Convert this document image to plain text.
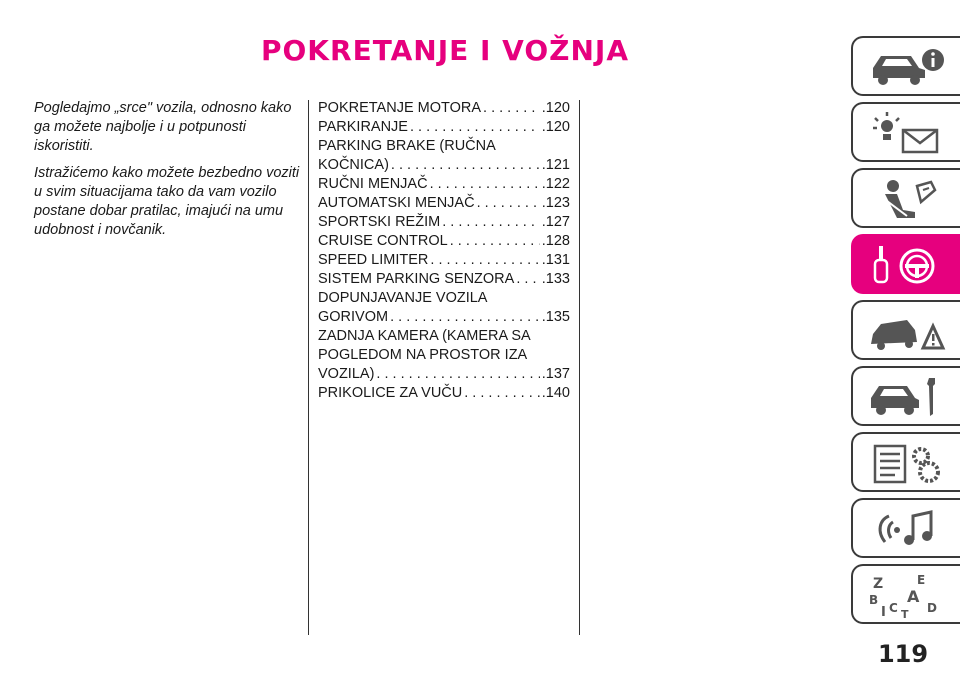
POKRETANJE I VOŽNJA

Pogledajmo „srce" vozila, odnosno kako ga možete najbolje i u potpunosti iskoristiti.

Istražićemo kako možete bezbedno voziti u svim situacijama tako da vam vozilo postane dobar pratilac, imajući na umu udobnost i novčanik.

POKRETANJE MOTORA . . .	.120
PARKIRANJE . . .	.120
PARKING BRAKE (RUČNA
KOČNICA) . . .	.121
RUČNI MENJAČ . . .	.122
AUTOMATSKI MENJAČ . . .	.123
SPORTSKI REŽIM . . .	.127
CRUISE CONTROL . . .	.128
SPEED LIMITER . . .	.131
SISTEM PARKING SENZORA . . . .133
DOPUNJAVANJE VOZILA
GORIVOM . . .	.135
ZADNJA KAMERA (KAMERA SA
POGLEDOM NA PROSTOR IZA
VOZILA) . . .	.137
PRIKOLICE ZA VUČU . . .	.140
Z	E
B A
C D
T
I
119
